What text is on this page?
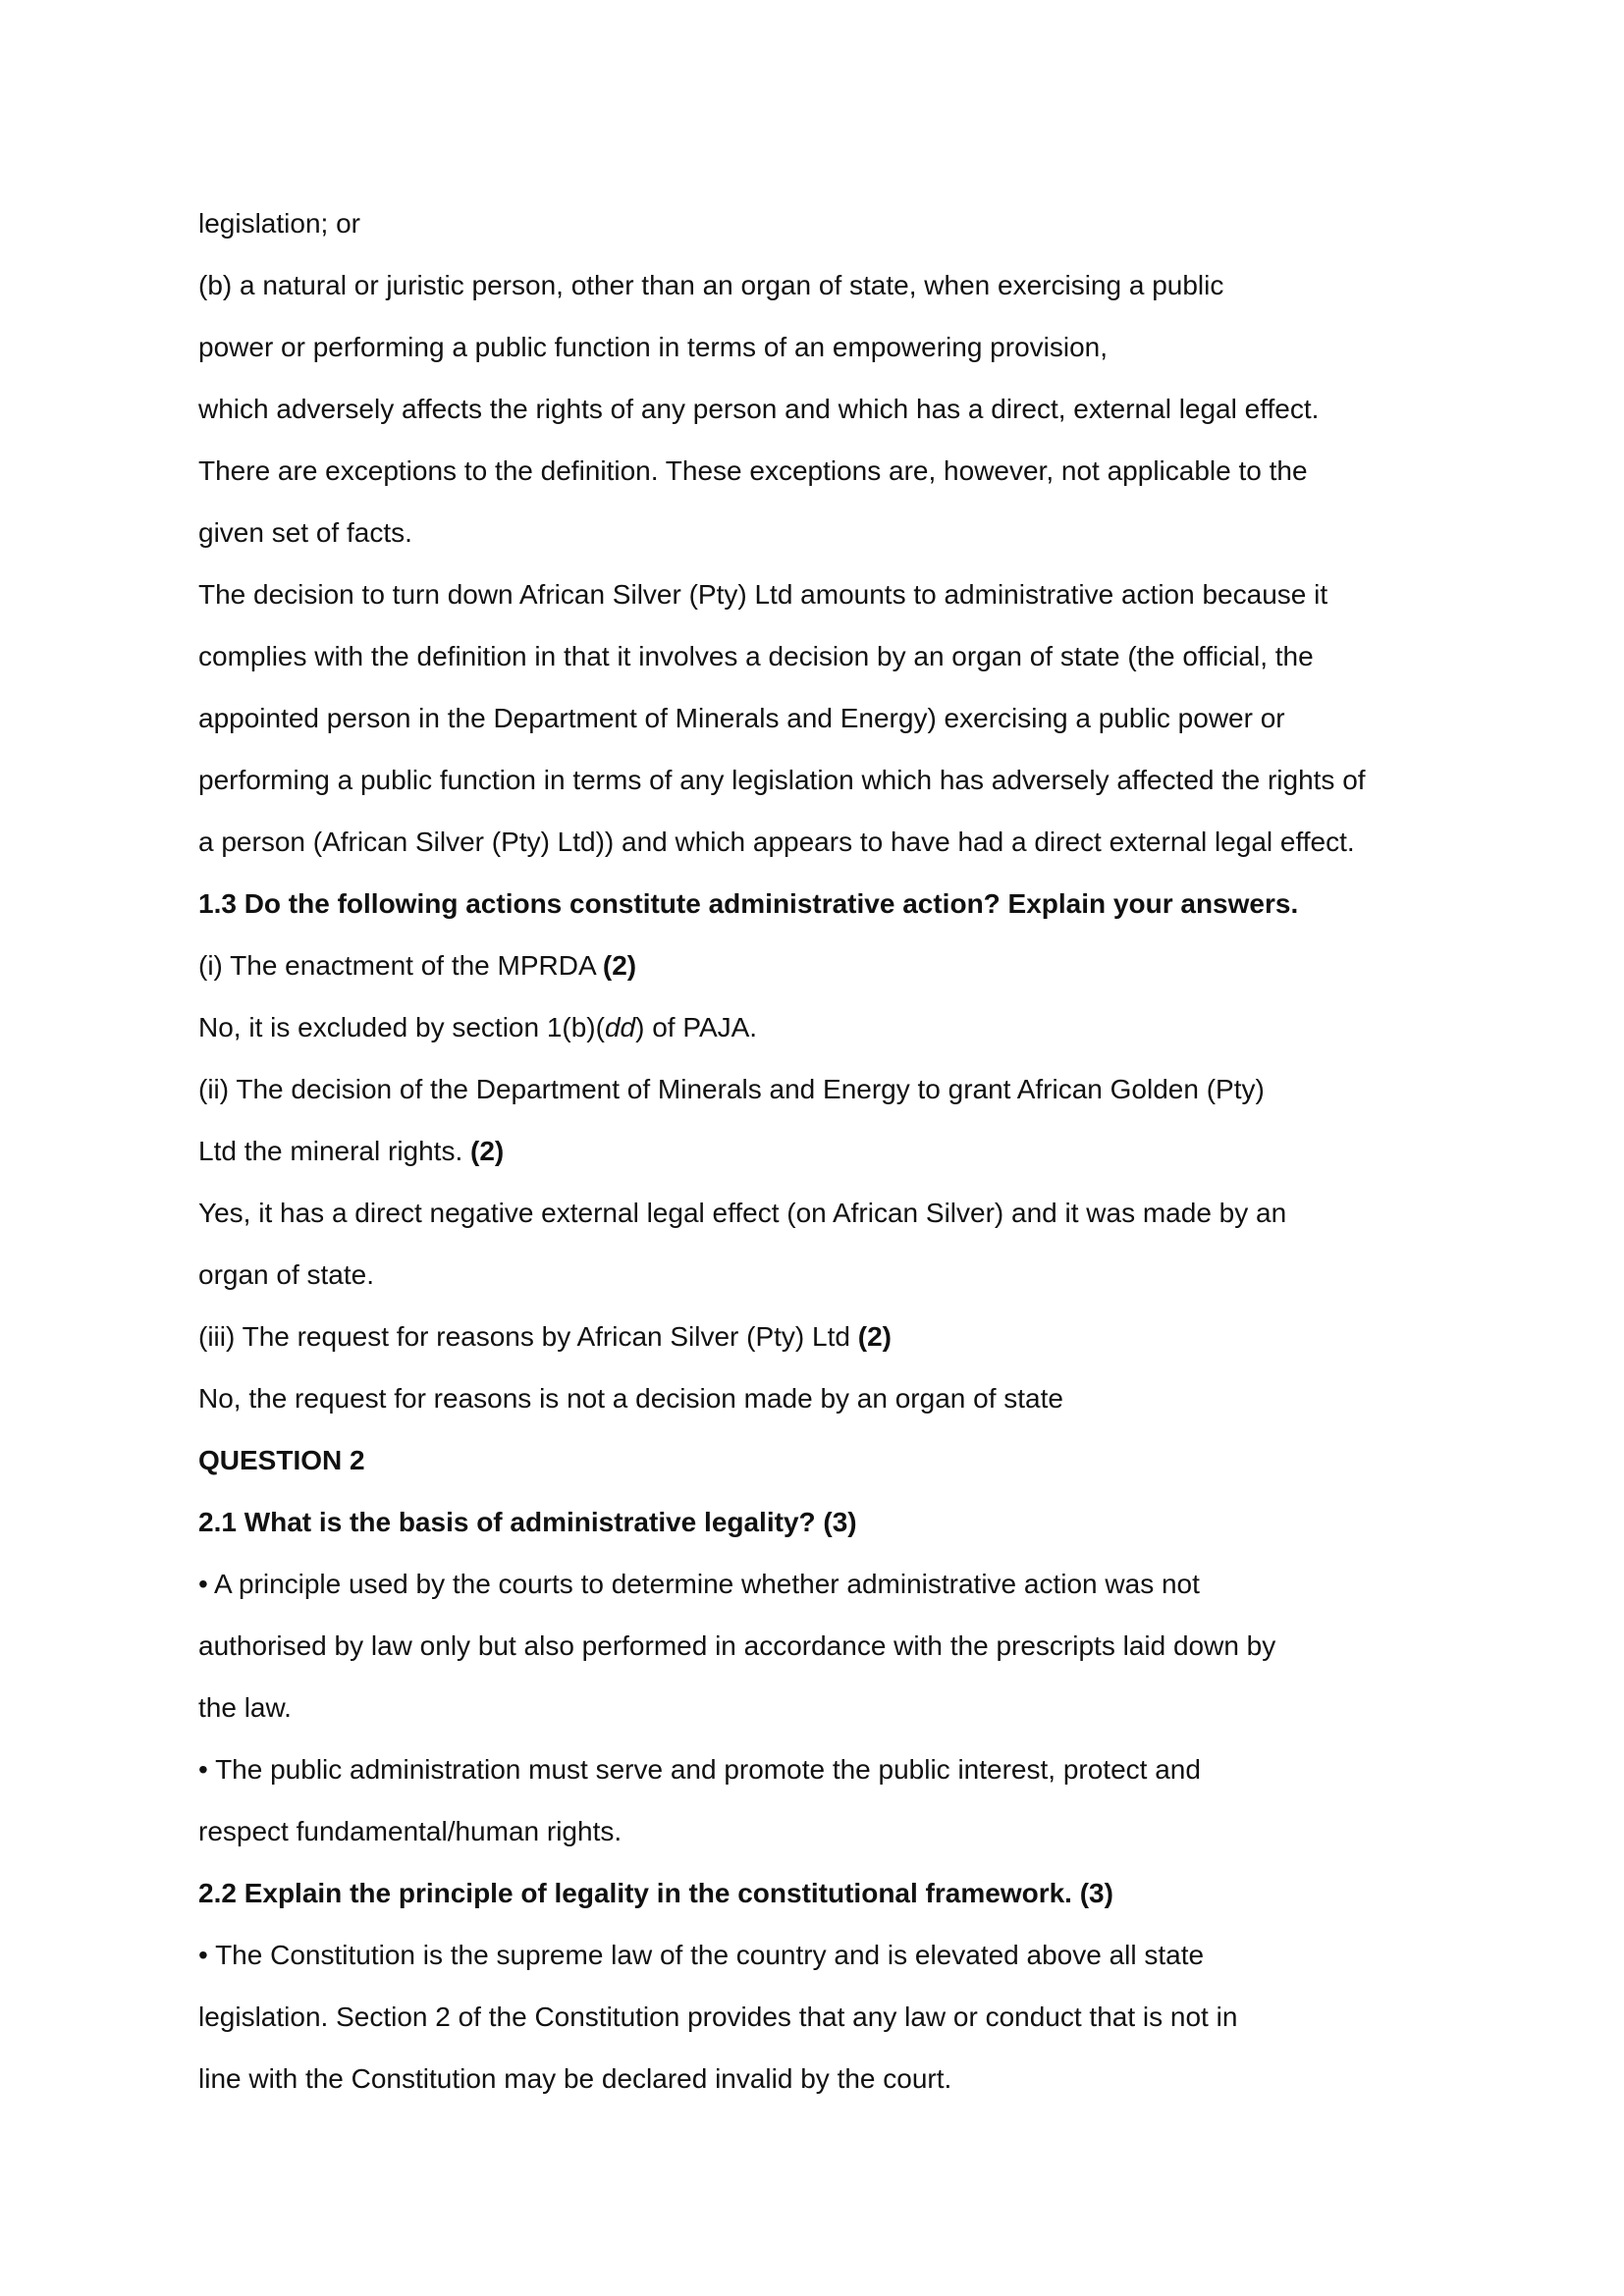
legislation; or
(b) a natural or juristic person, other than an organ of state, when exercising a public
power or performing a public function in terms of an empowering provision,
which adversely affects the rights of any person and which has a direct, external legal effect.
There are exceptions to the definition. These exceptions are, however, not applicable to the
given set of facts.
The decision to turn down African Silver (Pty) Ltd amounts to administrative action because it
complies with the definition in that it involves a decision by an organ of state (the official, the
appointed person in the Department of Minerals and Energy) exercising a public power or
performing a public function in terms of any legislation which has adversely affected the rights of
a person (African Silver (Pty) Ltd)) and which appears to have had a direct external legal effect.
1.3 Do the following actions constitute administrative action? Explain your answers.
(i) The enactment of the MPRDA (2)
No, it is excluded by section 1(b)(dd) of PAJA.
(ii) The decision of the Department of Minerals and Energy to grant African Golden (Pty)
Ltd the mineral rights. (2)
Yes, it has a direct negative external legal effect (on African Silver) and it was made by an
organ of state.
(iii) The request for reasons by African Silver (Pty) Ltd (2)
No, the request for reasons is not a decision made by an organ of state
QUESTION 2
2.1 What is the basis of administrative legality? (3)
• A principle used by the courts to determine whether administrative action was not
authorised by law only but also performed in accordance with the prescripts laid down by
the law.
• The public administration must serve and promote the public interest, protect and
respect fundamental/human rights.
2.2 Explain the principle of legality in the constitutional framework. (3)
• The Constitution is the supreme law of the country and is elevated above all state
legislation. Section 2 of the Constitution provides that any law or conduct that is not in
line with the Constitution may be declared invalid by the court.
